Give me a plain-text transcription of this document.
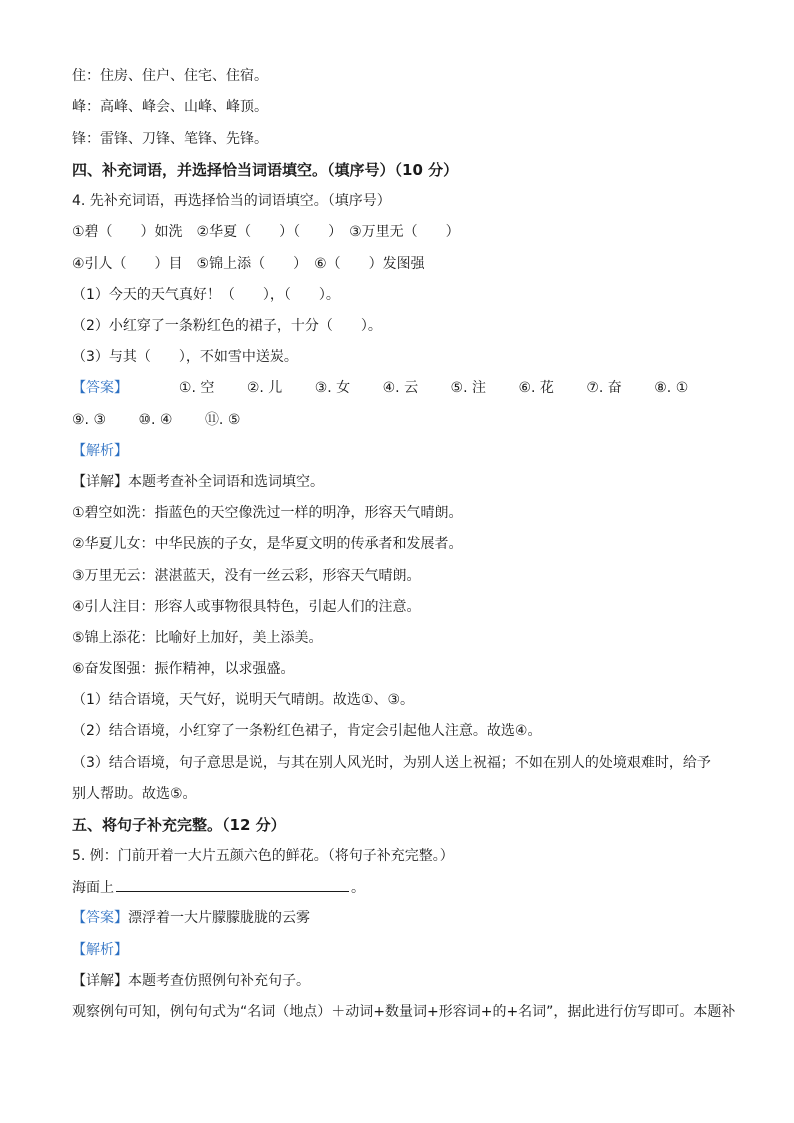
住：住房、住户、住宅、住宿。
峰：高峰、峰会、山峰、峰顶。
锋：雷锋、刀锋、笔锋、先锋。
四、补充词语，并选择恰当词语填空。（填序号）（10 分）
4. 先补充词语，再选择恰当的词语填空。（填序号）
①碧（　　）如洗　②华夏（　　）（　　）　③万里无（　　）
④引人（　　）目　⑤锦上添（　　）　⑥（　　）发图强
（1）今天的天气真好！（　　），（　　）。
（2）小红穿了一条粉红色的裙子，十分（　　）。
（3）与其（　　），不如雪中送炭。
【答案】	①. 空 ②. 儿 ③. 女 ④. 云 ⑤. 注 ⑥. 花 ⑦. 奋 ⑧. ①
⑨. ③ ⑩. ④ ⑪. ⑤
【解析】
【详解】本题考查补全词语和选词填空。
①碧空如洗：指蓝色的天空像洗过一样的明净，形容天气晴朗。
②华夏儿女：中华民族的子女，是华夏文明的传承者和发展者。
③万里无云：湛湛蓝天，没有一丝云彩，形容天气晴朗。
④引人注目：形容人或事物很具特色，引起人们的注意。
⑤锦上添花：比喻好上加好，美上添美。
⑥奋发图强：振作精神，以求强盛。
（1）结合语境，天气好，说明天气晴朗。故选①、③。
（2）结合语境，小红穿了一条粉红色裙子，肯定会引起他人注意。故选④。
（3）结合语境，句子意思是说，与其在别人风光时，为别人送上祝福；不如在别人的处境艰难时，给予
别人帮助。故选⑤。
五、将句子补充完整。（12 分）
5. 例：门前开着一大片五颜六色的鲜花。（将句子补充完整。）
海面上	。
【答案】漂浮着一大片朦朦胧胧的云雾
【解析】
【详解】本题考查仿照例句补充句子。
观察例句可知，例句句式为“名词（地点）＋动词+数量词+形容词+的+名词”，据此进行仿写即可。本题补
